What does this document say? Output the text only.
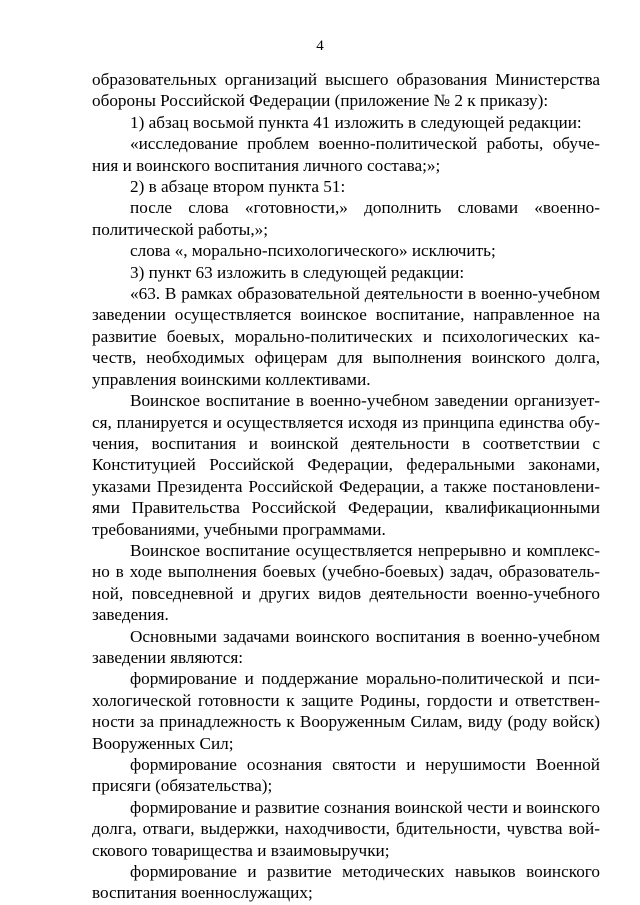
4

образовательных организаций высшего образования Министерства обороны Российской Федерации (приложение № 2 к приказу):

1) абзац восьмой пункта 41 изложить в следующей редакции:

«исследование проблем военно-политической работы, обучения и воинского воспитания личного состава;»;

2) в абзаце втором пункта 51:

после слова «готовности,» дополнить словами «военно-политической работы,»;

слова «, морально-психологического» исключить;

3) пункт 63 изложить в следующей редакции:

«63. В рамках образовательной деятельности в военно-учебном заведении осуществляется воинское воспитание, направленное на развитие боевых, морально-политических и психологических качеств, необходимых офицерам для выполнения воинского долга, управления воинскими коллективами.

Воинское воспитание в военно-учебном заведении организуется, планируется и осуществляется исходя из принципа единства обучения, воспитания и воинской деятельности в соответствии с Конституцией Российской Федерации, федеральными законами, указами Президента Российской Федерации, а также постановлениями Правительства Российской Федерации, квалификационными требованиями, учебными программами.

Воинское воспитание осуществляется непрерывно и комплексно в ходе выполнения боевых (учебно-боевых) задач, образовательной, повседневной и других видов деятельности военно-учебного заведения.

Основными задачами воинского воспитания в военно-учебном заведении являются:

формирование и поддержание морально-политической и психологической готовности к защите Родины, гордости и ответственности за принадлежность к Вооруженным Силам, виду (роду войск) Вооруженных Сил;

формирование осознания святости и нерушимости Военной присяги (обязательства);

формирование и развитие сознания воинской чести и воинского долга, отваги, выдержки, находчивости, бдительности, чувства войскового товарищества и взаимовыручки;

формирование и развитие методических навыков воинского воспитания военнослужащих;
